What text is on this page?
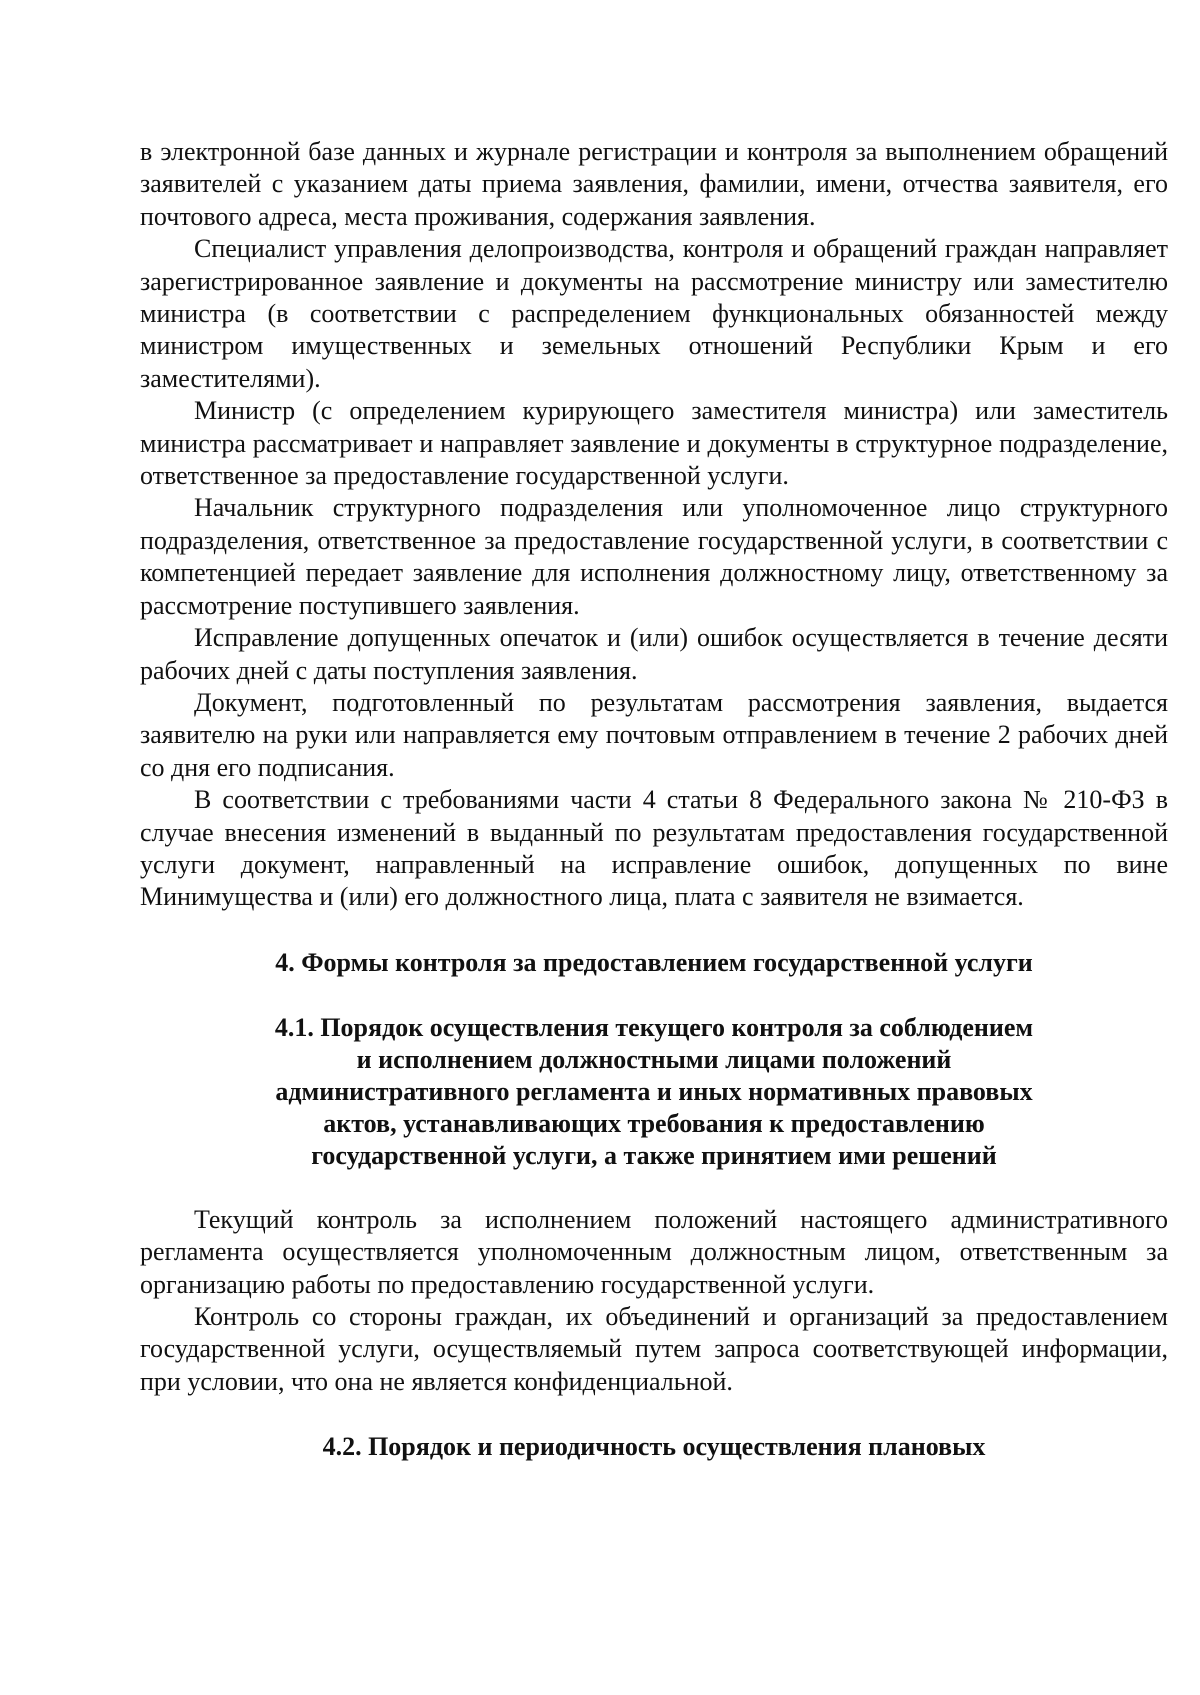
в электронной базе данных и журнале регистрации и контроля за выполнением обращений заявителей с указанием даты приема заявления, фамилии, имени, отчества заявителя, его почтового адреса, места проживания, содержания заявления.

Специалист управления делопроизводства, контроля и обращений граждан направляет зарегистрированное заявление и документы на рассмотрение министру или заместителю министра (в соответствии с распределением функциональных обязанностей между министром имущественных и земельных отношений Республики Крым и его заместителями).

Министр (с определением курирующего заместителя министра) или заместитель министра рассматривает и направляет заявление и документы в структурное подразделение, ответственное за предоставление государственной услуги.

Начальник структурного подразделения или уполномоченное лицо структурного подразделения, ответственное за предоставление государственной услуги, в соответствии с компетенцией передает заявление для исполнения должностному лицу, ответственному за рассмотрение поступившего заявления.

Исправление допущенных опечаток и (или) ошибок осуществляется в течение десяти рабочих дней с даты поступления заявления.

Документ, подготовленный по результатам рассмотрения заявления, выдается заявителю на руки или направляется ему почтовым отправлением в течение 2 рабочих дней со дня его подписания.

В соответствии с требованиями части 4 статьи 8 Федерального закона № 210-ФЗ в случае внесения изменений в выданный по результатам предоставления государственной услуги документ, направленный на исправление ошибок, допущенных по вине Минимущества и (или) его должностного лица, плата с заявителя не взимается.

4. Формы контроля за предоставлением государственной услуги
4.1. Порядок осуществления текущего контроля за соблюдением
и исполнением должностными лицами положений
административного регламента и иных нормативных правовых
актов, устанавливающих требования к предоставлению
государственной услуги, а также принятием ими решений

Текущий контроль за исполнением положений настоящего административного регламента осуществляется уполномоченным должностным лицом, ответственным за организацию работы по предоставлению государственной услуги.

Контроль со стороны граждан, их объединений и организаций за предоставлением государственной услуги, осуществляемый путем запроса соответствующей информации, при условии, что она не является конфиденциальной.

4.2. Порядок и периодичность осуществления плановых
